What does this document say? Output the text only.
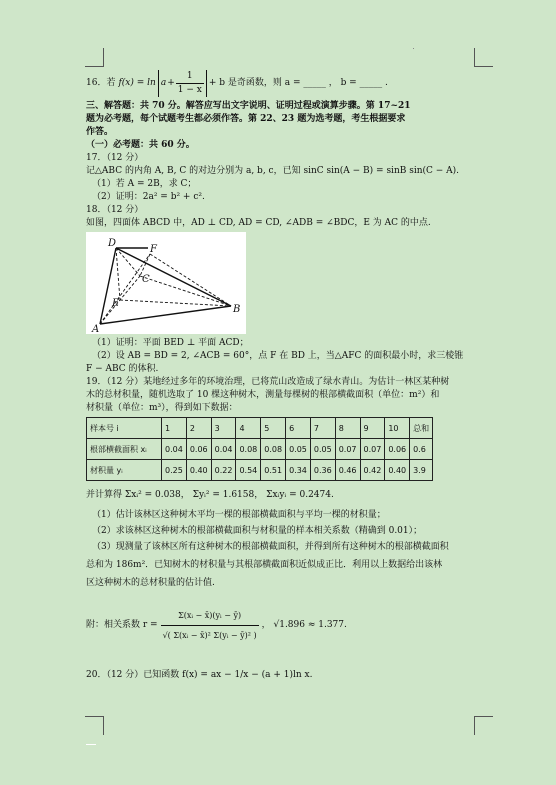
16．若 $f(x) = \ln a + \frac{1}{1 - x} + b$ 是奇函数，则 a = _____ ， b = _____ .
三、解答题：共 70 分。解答应写出文字说明、证明过程或演算步骤。第 17~21
题为必考题，每个试题考生都必须作答。第 22、23 题为选考题，考生根据要求
作答。
（一）必考题：共 60 分。
17．（12 分）
记△ABC 的内角 A, B, C 的对边分别为 a, b, c，已知 sinC sin(A − B) = sinB sin(C − A).
（1）若 A = 2B，求 C；
（2）证明：2a² = b² + c².
18．（12 分）
如图，四面体 ABCD 中，AD ⊥ CD, AD = CD, ∠ADB = ∠BDC，E 为 AC 的中点.
D
F
C
E
A
B
（1）证明：平面 BED ⊥ 平面 ACD；
（2）设 AB = BD = 2, ∠ACB = 60°，点 F 在 BD 上，当△AFC 的面积最小时，求三棱锥
F − ABC 的体积.
19．（12 分）某地经过多年的环境治理，已将荒山改造成了绿水青山。为估计一林区某种树
木的总材积量，随机选取了 10 棵这种树木，测量每棵树的根部横截面积（单位：m²）和
材积量（单位：m³），得到如下数据：
样本号 i	1	2	3	4	5	6	7	8	9	10	总和
根部横截面积 xᵢ	0.04	0.06	0.04	0.08	0.08	0.05	0.05	0.07	0.07	0.06	0.6
材积量 yᵢ	0.25	0.40	0.22	0.54	0.51	0.34	0.36	0.46	0.42	0.40	3.9
并计算得 Σxᵢ² = 0.038， Σyᵢ² = 1.6158， Σxᵢyᵢ = 0.2474.
（1）估计该林区这种树木平均一棵的根部横截面积与平均一棵的材积量；
（2）求该林区这种树木的根部横截面积与材积量的样本相关系数（精确到 0.01）；
（3）现测量了该林区所有这种树木的根部横截面积，并得到所有这种树木的根部横截面积
总和为 186m²．已知树木的材积量与其根部横截面积近似成正比．利用以上数据给出该林
区这种树木的总材积量的估计值.
附：相关系数 $r = \frac{\text{Σ(xᵢ − x̄)(yᵢ − ȳ)}}{\text{√( Σ(xᵢ − x̄)² Σ(yᵢ − ȳ)² )}}$ ， √1.896 ≈ 1.377.
20．（12 分）已知函数 f(x) = ax − 1/x − (a + 1)ln x.
